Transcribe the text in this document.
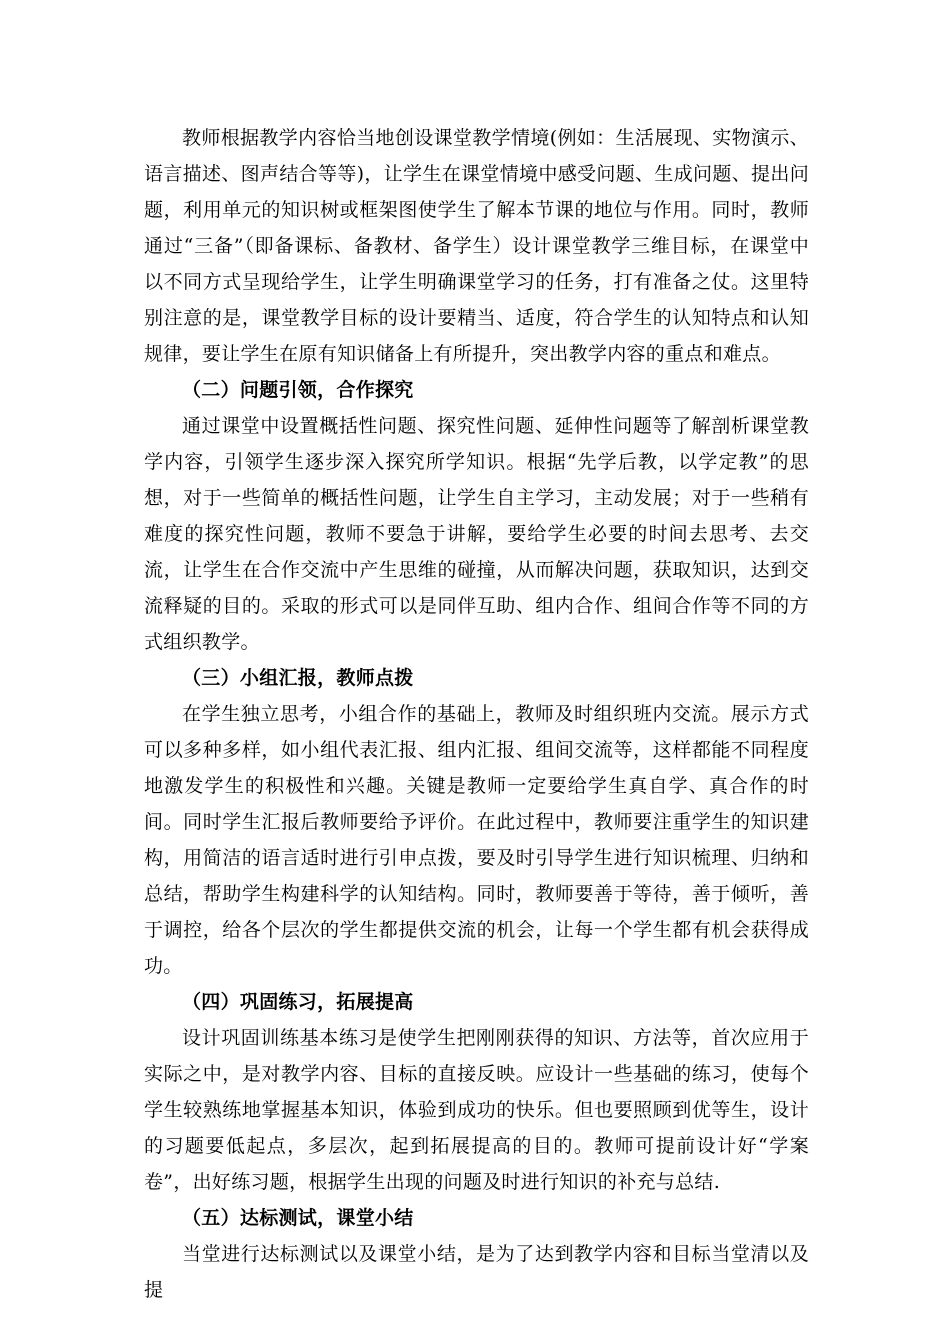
教师根据教学内容恰当地创设课堂教学情境(例如：生活展现、实物演示、语言描述、图声结合等等)，让学生在课堂情境中感受问题、生成问题、提出问题，利用单元的知识树或框架图使学生了解本节课的地位与作用。同时，教师通过“三备”（即备课标、备教材、备学生）设计课堂教学三维目标，在课堂中以不同方式呈现给学生，让学生明确课堂学习的任务，打有准备之仗。这里特别注意的是，课堂教学目标的设计要精当、适度，符合学生的认知特点和认知规律，要让学生在原有知识储备上有所提升，突出教学内容的重点和难点。

（二）问题引领，合作探究

通过课堂中设置概括性问题、探究性问题、延伸性问题等了解剖析课堂教学内容，引领学生逐步深入探究所学知识。根据“先学后教，以学定教”的思想，对于一些简单的概括性问题，让学生自主学习，主动发展；对于一些稍有难度的探究性问题，教师不要急于讲解，要给学生必要的时间去思考、去交流，让学生在合作交流中产生思维的碰撞，从而解决问题，获取知识，达到交流释疑的目的。采取的形式可以是同伴互助、组内合作、组间合作等不同的方式组织教学。

（三）小组汇报，教师点拨

在学生独立思考，小组合作的基础上，教师及时组织班内交流。展示方式可以多种多样，如小组代表汇报、组内汇报、组间交流等，这样都能不同程度地激发学生的积极性和兴趣。关键是教师一定要给学生真自学、真合作的时间。同时学生汇报后教师要给予评价。在此过程中，教师要注重学生的知识建构，用简洁的语言适时进行引申点拨，要及时引导学生进行知识梳理、归纳和总结，帮助学生构建科学的认知结构。同时，教师要善于等待，善于倾听，善于调控，给各个层次的学生都提供交流的机会，让每一个学生都有机会获得成功。

（四）巩固练习，拓展提高

设计巩固训练基本练习是使学生把刚刚获得的知识、方法等，首次应用于实际之中，是对教学内容、目标的直接反映。应设计一些基础的练习，使每个学生较熟练地掌握基本知识，体验到成功的快乐。但也要照顾到优等生，设计的习题要低起点，多层次，起到拓展提高的目的。教师可提前设计好“学案卷”，出好练习题，根据学生出现的问题及时进行知识的补充与总结.

（五）达标测试，课堂小结

当堂进行达标测试以及课堂小结，是为了达到教学内容和目标当堂清以及提
